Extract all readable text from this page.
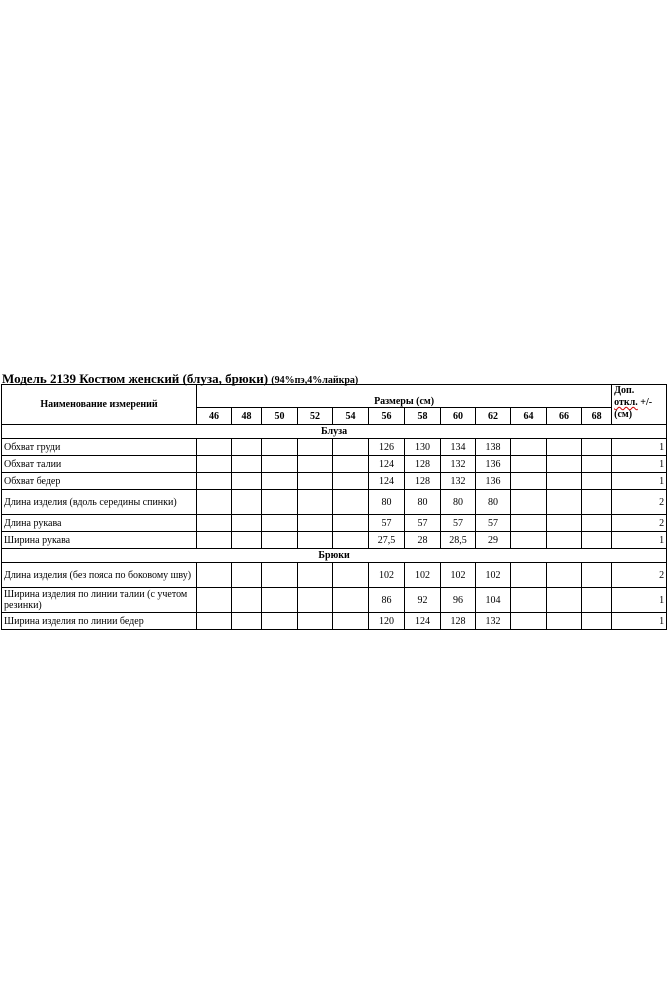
Модель 2139 Костюм женский (блуза, брюки) (94%пэ,4%лайкра)
Наименование измерений	Размеры (см)												Доп.
откл. +/-
(см)

	46	48	50	52	54	56	58	60	62	64	66	68	
Блуза													
Обхват груди						126	130	134	138				1
Обхват талии						124	128	132	136				1
Обхват бедер						124	128	132	136				1
Длина изделия (вдоль середины спинки)						80	80	80	80				2
Длина рукава						57	57	57	57				2
Ширина рукава						27,5	28	28,5	29				1
Брюки													
Длина изделия (без пояса по боковому шву)						102	102	102	102				2
Ширина изделия по линии талии (с учетом резинки)						86	92	96	104				1
Ширина изделия по линии бедер						120	124	128	132				1
